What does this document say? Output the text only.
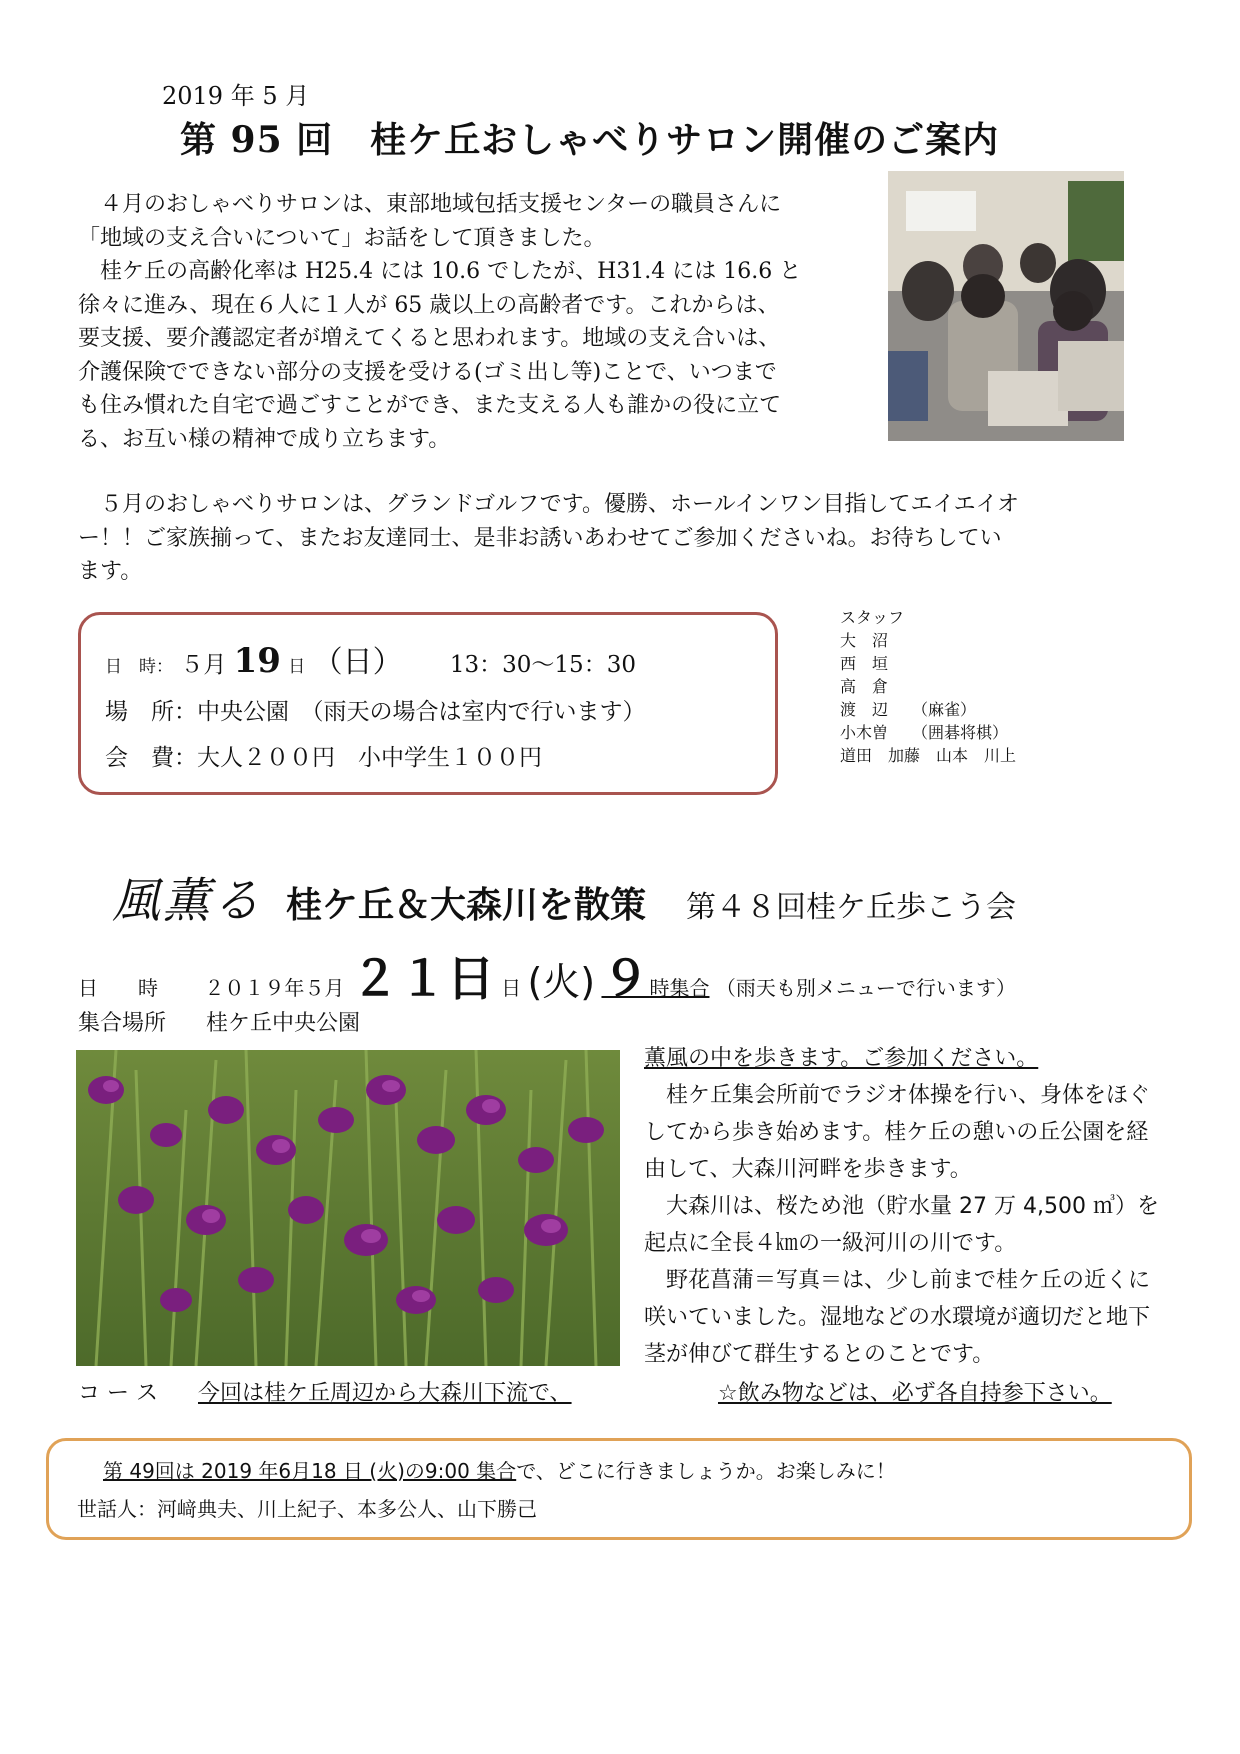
2019 年 5 月
第 95 回　桂ケ丘おしゃべりサロン開催のご案内
　４月のおしゃべりサロンは、東部地域包括支援センターの職員さんに
「地域の支え合いについて」お話をして頂きました。
　桂ケ丘の高齢化率は H25.4 には 10.6 でしたが、H31.4 には 16.6 と
徐々に進み、現在６人に１人が 65 歳以上の高齢者です。これからは、
要支援、要介護認定者が増えてくると思われます。地域の支え合いは、
介護保険でできない部分の支援を受ける(ゴミ出し等)ことで、いつまで
も住み慣れた自宅で過ごすことができ、また支える人も誰かの役に立て
る、お互い様の精神で成り立ちます。
　５月のおしゃべりサロンは、グランドゴルフです。優勝、ホールインワン目指してエイエイオ
ー！！ご家族揃って、またお友達同士、是非お誘いあわせてご参加くださいね。お待ちしてい
ます。
日　時： ５月 19 日 （日） 13：30〜15：30
場　所：中央公園　（雨天の場合は室内で行います）
会　費：大人２００円　小中学生１００円
スタッフ
大　沼
西　垣
高　倉
渡　辺　　（麻雀）
小木曽　　（囲碁将棋）
道田　加藤　山本　川上
風薫る 桂ケ丘＆大森川を散策 第４８回桂ケ丘歩こう会
日　　時　 　２０１９年５月 ２１日 日 (火) ９時集合 （雨天も別メニューで行います）
集合場所 桂ケ丘中央公園
薫風の中を歩きます。ご参加ください。
　桂ケ丘集会所前でラジオ体操を行い、身体をほぐ
してから歩き始めます。桂ケ丘の憩いの丘公園を経
由して、大森川河畔を歩きます。
　大森川は、桜ため池（貯水量 27 万 4,500 ㎥）を
起点に全長４㎞の一級河川の川です。
　野花菖蒲＝写真＝は、少し前まで桂ケ丘の近くに
咲いていました。湿地などの水環境が適切だと地下
茎が伸びて群生するとのことです。
コ ー ス 今回は桂ケ丘周辺から大森川下流で、	☆飲み物などは、必ず各自持参下さい。
第 49回は 2019 年6月18 日 (火)の9:00 集合で、どこに行きましょうか。お楽しみに！
世話人：河﨑典夫、川上紀子、本多公人、山下勝己
